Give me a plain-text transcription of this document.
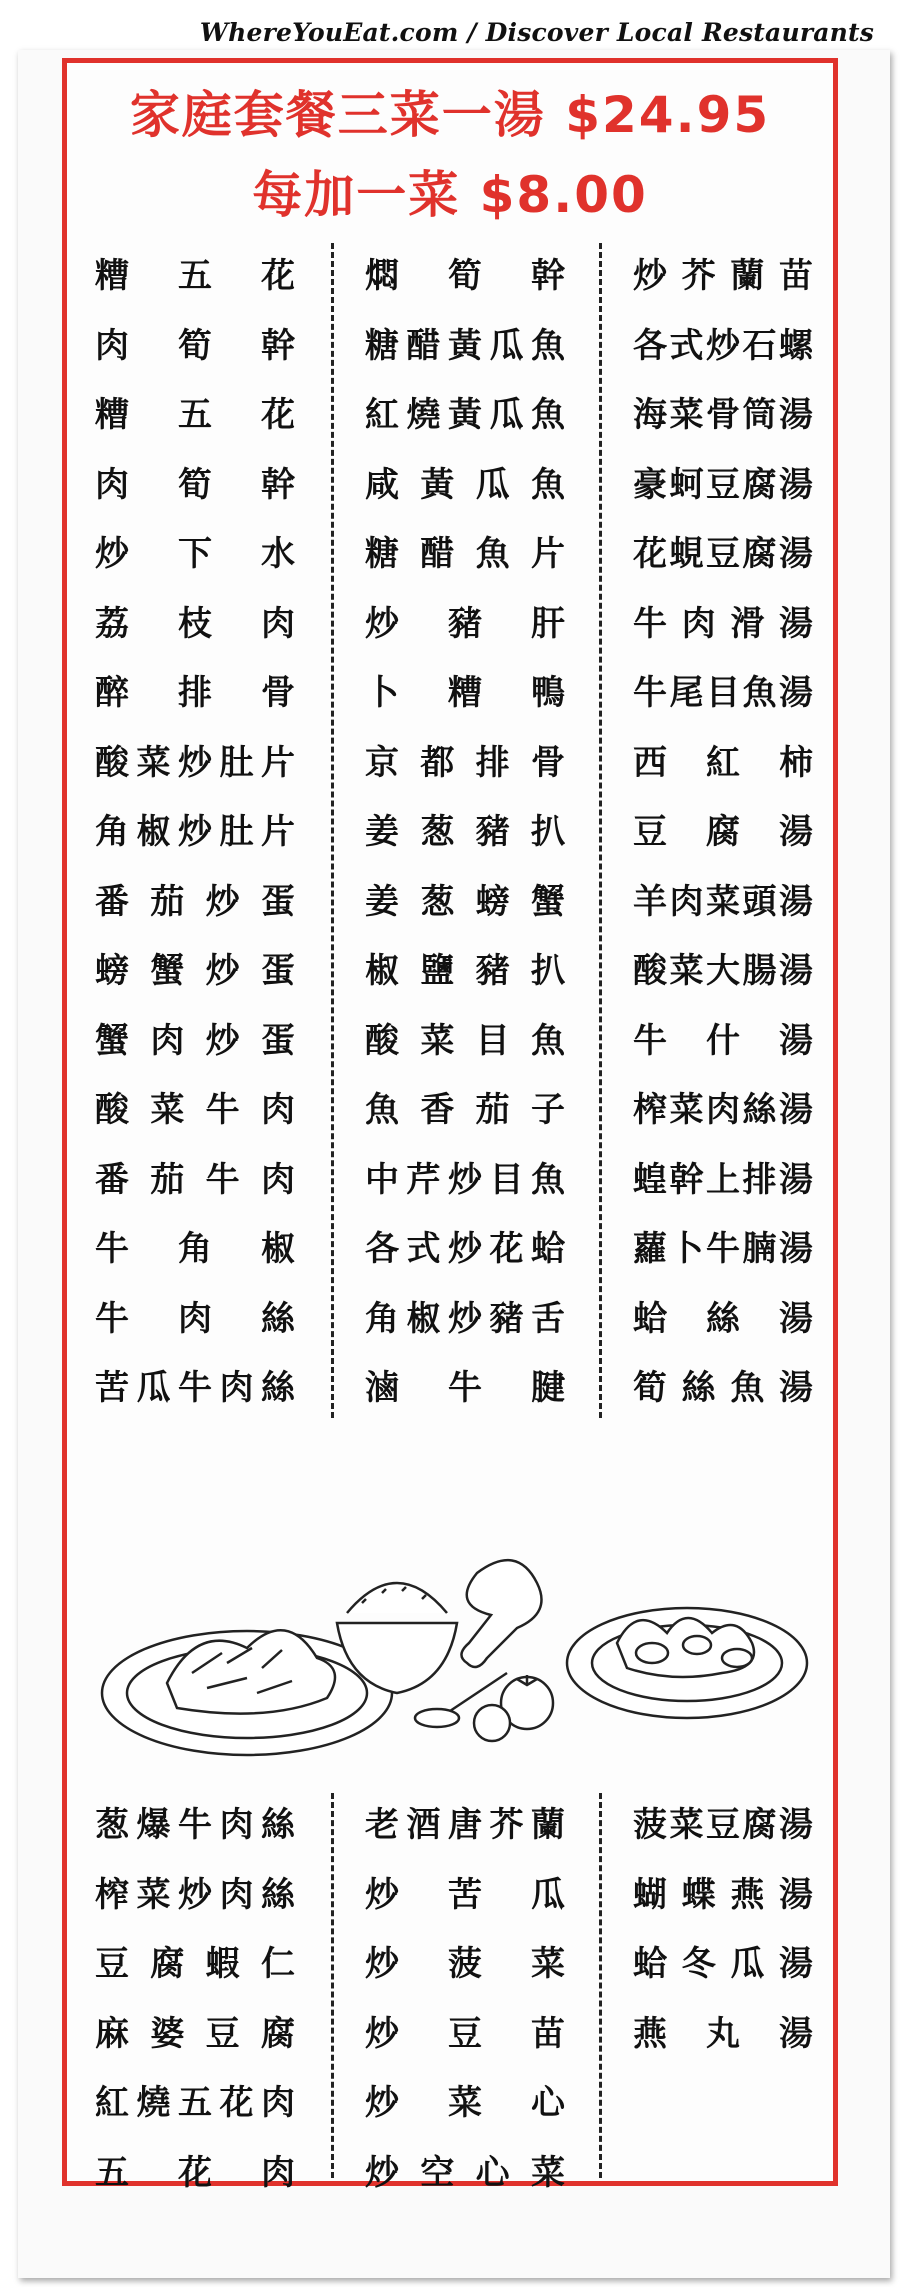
WhereYouEat.com / Discover Local Restaurants
家庭套餐三菜一湯 $24.95
每加一菜 $8.00
糟 五 花
肉 筍 幹
糟 五 花
肉 筍 幹
炒 下 水
荔 枝 肉
醉 排 骨
酸 菜 炒 肚 片
角 椒 炒 肚 片
番 茄 炒 蛋
螃 蟹 炒 蛋
蟹 肉 炒 蛋
酸 菜 牛 肉
番 茄 牛 肉
牛 角 椒
牛 肉 絲
苦 瓜 牛 肉 絲
燜 筍 幹
糖 醋 黃 瓜 魚
紅 燒 黃 瓜 魚
咸 黃 瓜 魚
糖 醋 魚 片
炒 豬 肝
卜 糟 鴨
京 都 排 骨
姜 葱 豬 扒
姜 葱 螃 蟹
椒 鹽 豬 扒
酸 菜 目 魚
魚 香 茄 子
中 芹 炒 目 魚
各 式 炒 花 蛤
角 椒 炒 豬 舌
滷 牛 腱
炒 芥 蘭 苗
各 式 炒 石 螺
海 菜 骨 筒 湯
豪 蚵 豆 腐 湯
花 蜆 豆 腐 湯
牛 肉 滑 湯
牛 尾 目 魚 湯
西 紅 柿
豆 腐 湯
羊 肉 菜 頭 湯
酸 菜 大 腸 湯
牛 什 湯
榨 菜 肉 絲 湯
蝗 幹 上 排 湯
蘿 卜 牛 腩 湯
蛤 絲 湯
筍 絲 魚 湯
葱 爆 牛 肉 絲
榨 菜 炒 肉 絲
豆 腐 蝦 仁
麻 婆 豆 腐
紅 燒 五 花 肉
五 花 肉
老 酒 唐 芥 蘭
炒 苦 瓜
炒 菠 菜
炒 豆 苗
炒 菜 心
炒 空 心 菜
菠 菜 豆 腐 湯
蝴 蝶 燕 湯
蛤 冬 瓜 湯
燕 丸 湯
